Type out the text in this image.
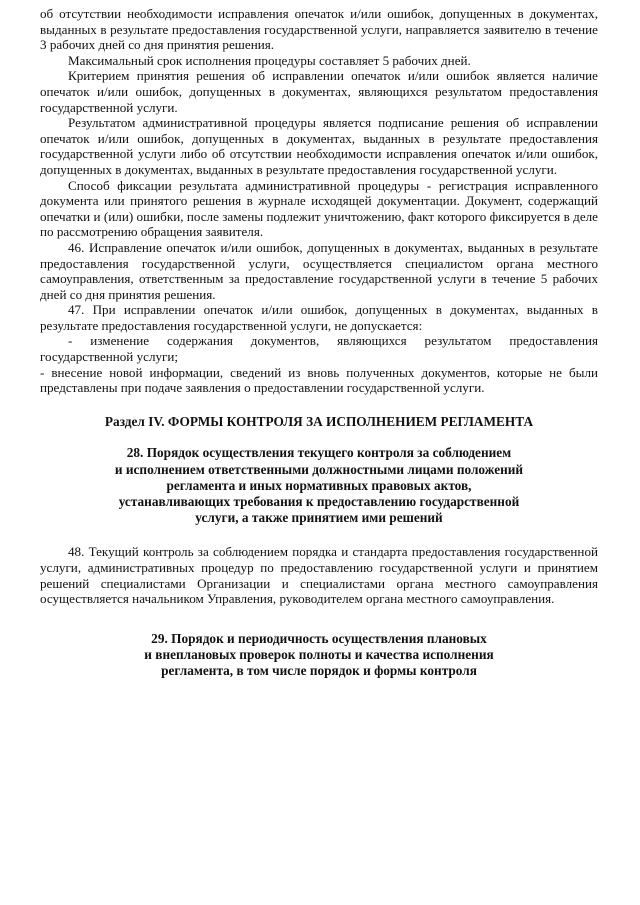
об отсутствии необходимости исправления опечаток и/или ошибок, допущенных в документах, выданных в результате предоставления государственной услуги, направляется заявителю в течение 3 рабочих дней со дня принятия решения.

Максимальный срок исполнения процедуры составляет 5 рабочих дней.

Критерием принятия решения об исправлении опечаток и/или ошибок является наличие опечаток и/или ошибок, допущенных в документах, являющихся результатом предоставления государственной услуги.

Результатом административной процедуры является подписание решения об исправлении опечаток и/или ошибок, допущенных в документах, выданных в результате предоставления государственной услуги либо об отсутствии необходимости исправления опечаток и/или ошибок, допущенных в документах, выданных в результате предоставления государственной услуги.

Способ фиксации результата административной процедуры - регистрация исправленного документа или принятого решения в журнале исходящей документации. Документ, содержащий опечатки и (или) ошибки, после замены подлежит уничтожению, факт которого фиксируется в деле по рассмотрению обращения заявителя.

46. Исправление опечаток и/или ошибок, допущенных в документах, выданных в результате предоставления государственной услуги, осуществляется специалистом органа местного самоуправления, ответственным за предоставление государственной услуги в течение 5 рабочих дней со дня принятия решения.

47. При исправлении опечаток и/или ошибок, допущенных в документах, выданных в результате предоставления государственной услуги, не допускается:

- изменение содержания документов, являющихся результатом предоставления государственной услуги;

- внесение новой информации, сведений из вновь полученных документов, которые не были представлены при подаче заявления о предоставлении государственной услуги.

Раздел IV. ФОРМЫ КОНТРОЛЯ ЗА ИСПОЛНЕНИЕМ РЕГЛАМЕНТА
28. Порядок осуществления текущего контроля за соблюдением
и исполнением ответственными должностными лицами положений
регламента и иных нормативных правовых актов,
устанавливающих требования к предоставлению государственной
услуги, а также принятием ими решений

48. Текущий контроль за соблюдением порядка и стандарта предоставления государственной услуги, административных процедур по предоставлению государственной услуги и принятием решений специалистами Организации и специалистами органа местного самоуправления осуществляется начальником Управления, руководителем органа местного самоуправления.

29. Порядок и периодичность осуществления плановых
и внеплановых проверок полноты и качества исполнения
регламента, в том числе порядок и формы контроля
